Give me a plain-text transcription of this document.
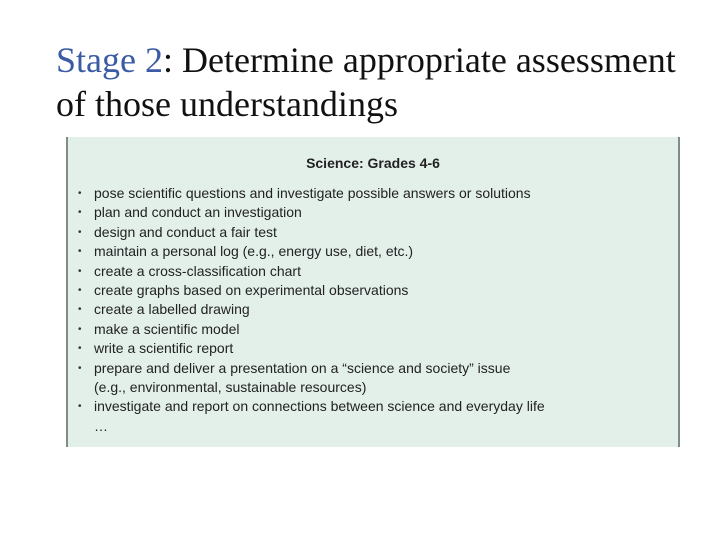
Stage 2: Determine appropriate assessment of those understandings
Science: Grades 4-6
• pose scientific questions and investigate possible answers or solutions
• plan and conduct an investigation
• design and conduct a fair test
• maintain a personal log (e.g., energy use, diet, etc.)
• create a cross-classification chart
• create graphs based on experimental observations
• create a labelled drawing
• make a scientific model
• write a scientific report
• prepare and deliver a presentation on a “science and society” issue
(e.g., environmental, sustainable resources)
• investigate and report on connections between science and everyday life
…
